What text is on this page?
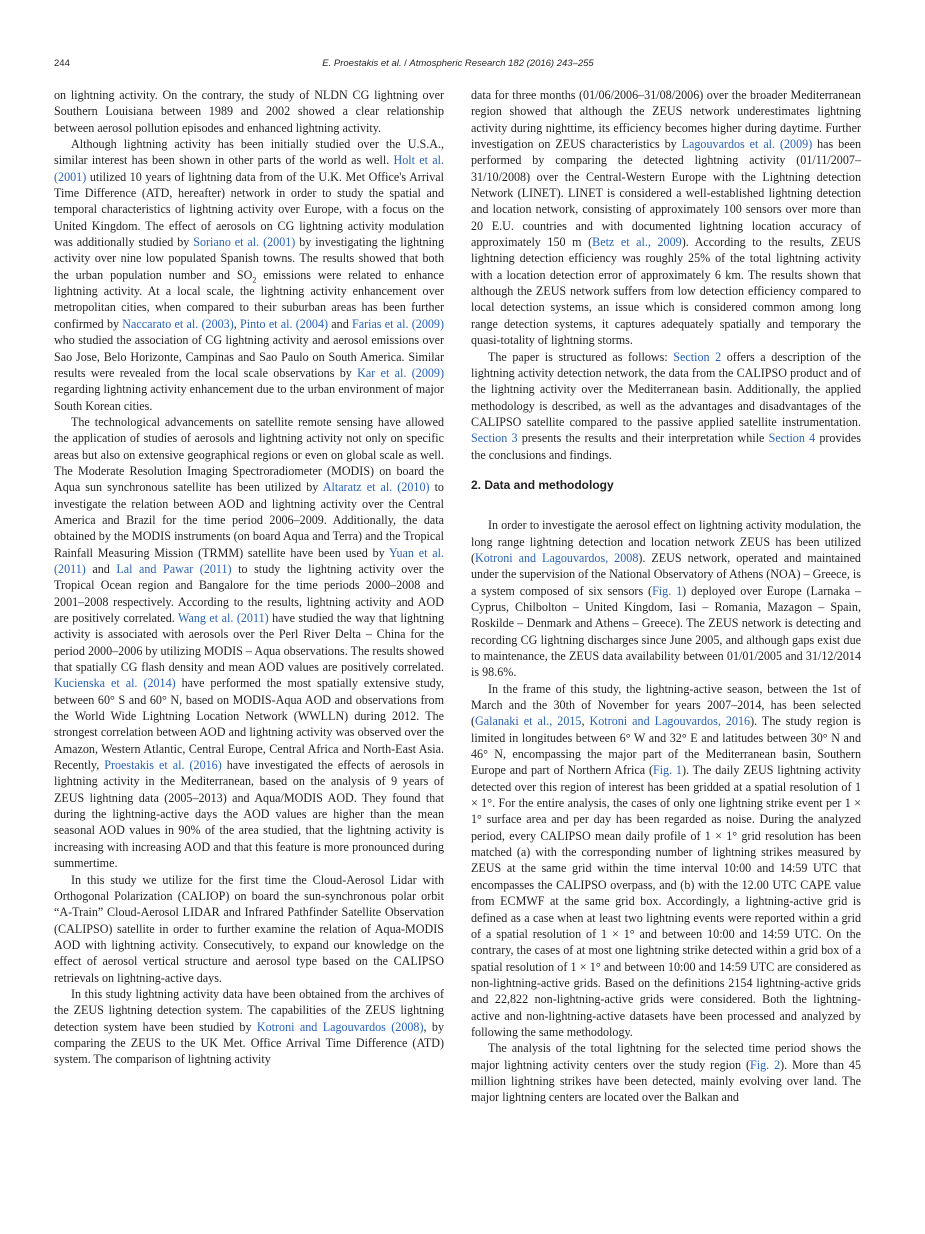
244	E. Proestakis et al. / Atmospheric Research 182 (2016) 243–255

on lightning activity. On the contrary, the study of NLDN CG lightning over Southern Louisiana between 1989 and 2002 showed a clear relationship between aerosol pollution episodes and enhanced lightning activity.

Although lightning activity has been initially studied over the U.S.A., similar interest has been shown in other parts of the world as well. Holt et al. (2001) utilized 10 years of lightning data from of the U.K. Met Office's Arrival Time Difference (ATD, hereafter) network in order to study the spatial and temporal characteristics of lightning activity over Europe, with a focus on the United Kingdom. The effect of aerosols on CG lightning activity modulation was additionally studied by Soriano et al. (2001) by investigating the lightning activity over nine low populated Spanish towns. The results showed that both the urban population number and $SO_2$ emissions were related to enhance lightning activity. At a local scale, the lightning activity enhancement over metropolitan cities, when compared to their suburban areas has been further confirmed by Naccarato et al. (2003), Pinto et al. (2004) and Farias et al. (2009) who studied the association of CG lightning activity and aerosol emissions over Sao Jose, Belo Horizonte, Campinas and Sao Paulo on South America. Similar results were revealed from the local scale observations by Kar et al. (2009) regarding lightning activity enhancement due to the urban environment of major South Korean cities.

The technological advancements on satellite remote sensing have allowed the application of studies of aerosols and lightning activity not only on specific areas but also on extensive geographical regions or even on global scale as well. The Moderate Resolution Imaging Spectroradiometer (MODIS) on board the Aqua sun synchronous satellite has been utilized by Altaratz et al. (2010) to investigate the relation between AOD and lightning activity over the Central America and Brazil for the time period 2006–2009. Additionally, the data obtained by the MODIS instruments (on board Aqua and Terra) and the Tropical Rainfall Measuring Mission (TRMM) satellite have been used by Yuan et al. (2011) and Lal and Pawar (2011) to study the lightning activity over the Tropical Ocean region and Bangalore for the time periods 2000–2008 and 2001–2008 respectively. According to the results, lightning activity and AOD are positively correlated. Wang et al. (2011) have studied the way that lightning activity is associated with aerosols over the Perl River Delta – China for the period 2000–2006 by utilizing MODIS – Aqua observations. The results showed that spatially CG flash density and mean AOD values are positively correlated. Kucienska et al. (2014) have performed the most spatially extensive study, between 60° S and 60° N, based on MODIS-Aqua AOD and observations from the World Wide Lightning Location Network (WWLLN) during 2012. The strongest correlation between AOD and lightning activity was observed over the Amazon, Western Atlantic, Central Europe, Central Africa and North-East Asia. Recently, Proestakis et al. (2016) have investigated the effects of aerosols in lightning activity in the Mediterranean, based on the analysis of 9 years of ZEUS lightning data (2005–2013) and Aqua/MODIS AOD. They found that during the lightning-active days the AOD values are higher than the mean seasonal AOD values in 90% of the area studied, that the lightning activity is increasing with increasing AOD and that this feature is more pronounced during summertime.

In this study we utilize for the first time the Cloud-Aerosol Lidar with Orthogonal Polarization (CALIOP) on board the sun-synchronous polar orbit “A-Train” Cloud-Aerosol LIDAR and Infrared Pathfinder Satellite Observation (CALIPSO) satellite in order to further examine the relation of Aqua-MODIS AOD with lightning activity. Consecutively, to expand our knowledge on the effect of aerosol vertical structure and aerosol type based on the CALIPSO retrievals on lightning-active days.

In this study lightning activity data have been obtained from the archives of the ZEUS lightning detection system. The capabilities of the ZEUS lightning detection system have been studied by Kotroni and Lagouvardos (2008), by comparing the ZEUS to the UK Met. Office Arrival Time Difference (ATD) system. The comparison of lightning activity

data for three months (01/06/2006–31/08/2006) over the broader Mediterranean region showed that although the ZEUS network underestimates lightning activity during nighttime, its efficiency becomes higher during daytime. Further investigation on ZEUS characteristics by Lagouvardos et al. (2009) has been performed by comparing the detected lightning activity (01/11/2007–31/10/2008) over the Central-Western Europe with the Lightning detection Network (LINET). LINET is considered a well-established lightning detection and location network, consisting of approximately 100 sensors over more than 20 E.U. countries and with documented lightning location accuracy of approximately 150 m (Betz et al., 2009). According to the results, ZEUS lightning detection efficiency was roughly 25% of the total lightning activity with a location detection error of approximately 6 km. The results shown that although the ZEUS network suffers from low detection efficiency compared to local detection systems, an issue which is considered common among long range detection systems, it captures adequately spatially and temporary the quasi-totality of lightning storms.

The paper is structured as follows: Section 2 offers a description of the lightning activity detection network, the data from the CALIPSO product and of the lightning activity over the Mediterranean basin. Additionally, the applied methodology is described, as well as the advantages and disadvantages of the CALIPSO satellite compared to the passive applied satellite instrumentation. Section 3 presents the results and their interpretation while Section 4 provides the conclusions and findings.

2. Data and methodology

In order to investigate the aerosol effect on lightning activity modulation, the long range lightning detection and location network ZEUS has been utilized (Kotroni and Lagouvardos, 2008). ZEUS network, operated and maintained under the supervision of the National Observatory of Athens (NOA) – Greece, is a system composed of six sensors (Fig. 1) deployed over Europe (Larnaka – Cyprus, Chilbolton – United Kingdom, Iasi – Romania, Mazagon – Spain, Roskilde – Denmark and Athens – Greece). The ZEUS network is detecting and recording CG lightning discharges since June 2005, and although gaps exist due to maintenance, the ZEUS data availability between 01/01/2005 and 31/12/2014 is 98.6%.

In the frame of this study, the lightning-active season, between the 1st of March and the 30th of November for years 2007–2014, has been selected (Galanaki et al., 2015, Kotroni and Lagouvardos, 2016). The study region is limited in longitudes between 6° W and 32° E and latitudes between 30° N and 46° N, encompassing the major part of the Mediterranean basin, Southern Europe and part of Northern Africa (Fig. 1). The daily ZEUS lightning activity detected over this region of interest has been gridded at a spatial resolution of 1 × 1°. For the entire analysis, the cases of only one lightning strike event per 1 × 1° surface area and per day has been regarded as noise. During the analyzed period, every CALIPSO mean daily profile of 1 × 1° grid resolution has been matched (a) with the corresponding number of lightning strikes measured by ZEUS at the same grid within the time interval 10:00 and 14:59 UTC that encompasses the CALIPSO overpass, and (b) with the 12.00 UTC CAPE value from ECMWF at the same grid box. Accordingly, a lightning-active grid is defined as a case when at least two lightning events were reported within a grid of a spatial resolution of 1 × 1° and between 10:00 and 14:59 UTC. On the contrary, the cases of at most one lightning strike detected within a grid box of a spatial resolution of 1 × 1° and between 10:00 and 14:59 UTC are considered as non-lightning-active grids. Based on the definitions 2154 lightning-active grids and 22,822 non-lightning-active grids were considered. Both the lightning-active and non-lightning-active datasets have been processed and analyzed by following the same methodology.

The analysis of the total lightning for the selected time period shows the major lightning activity centers over the study region (Fig. 2). More than 45 million lightning strikes have been detected, mainly evolving over land. The major lightning centers are located over the Balkan and
